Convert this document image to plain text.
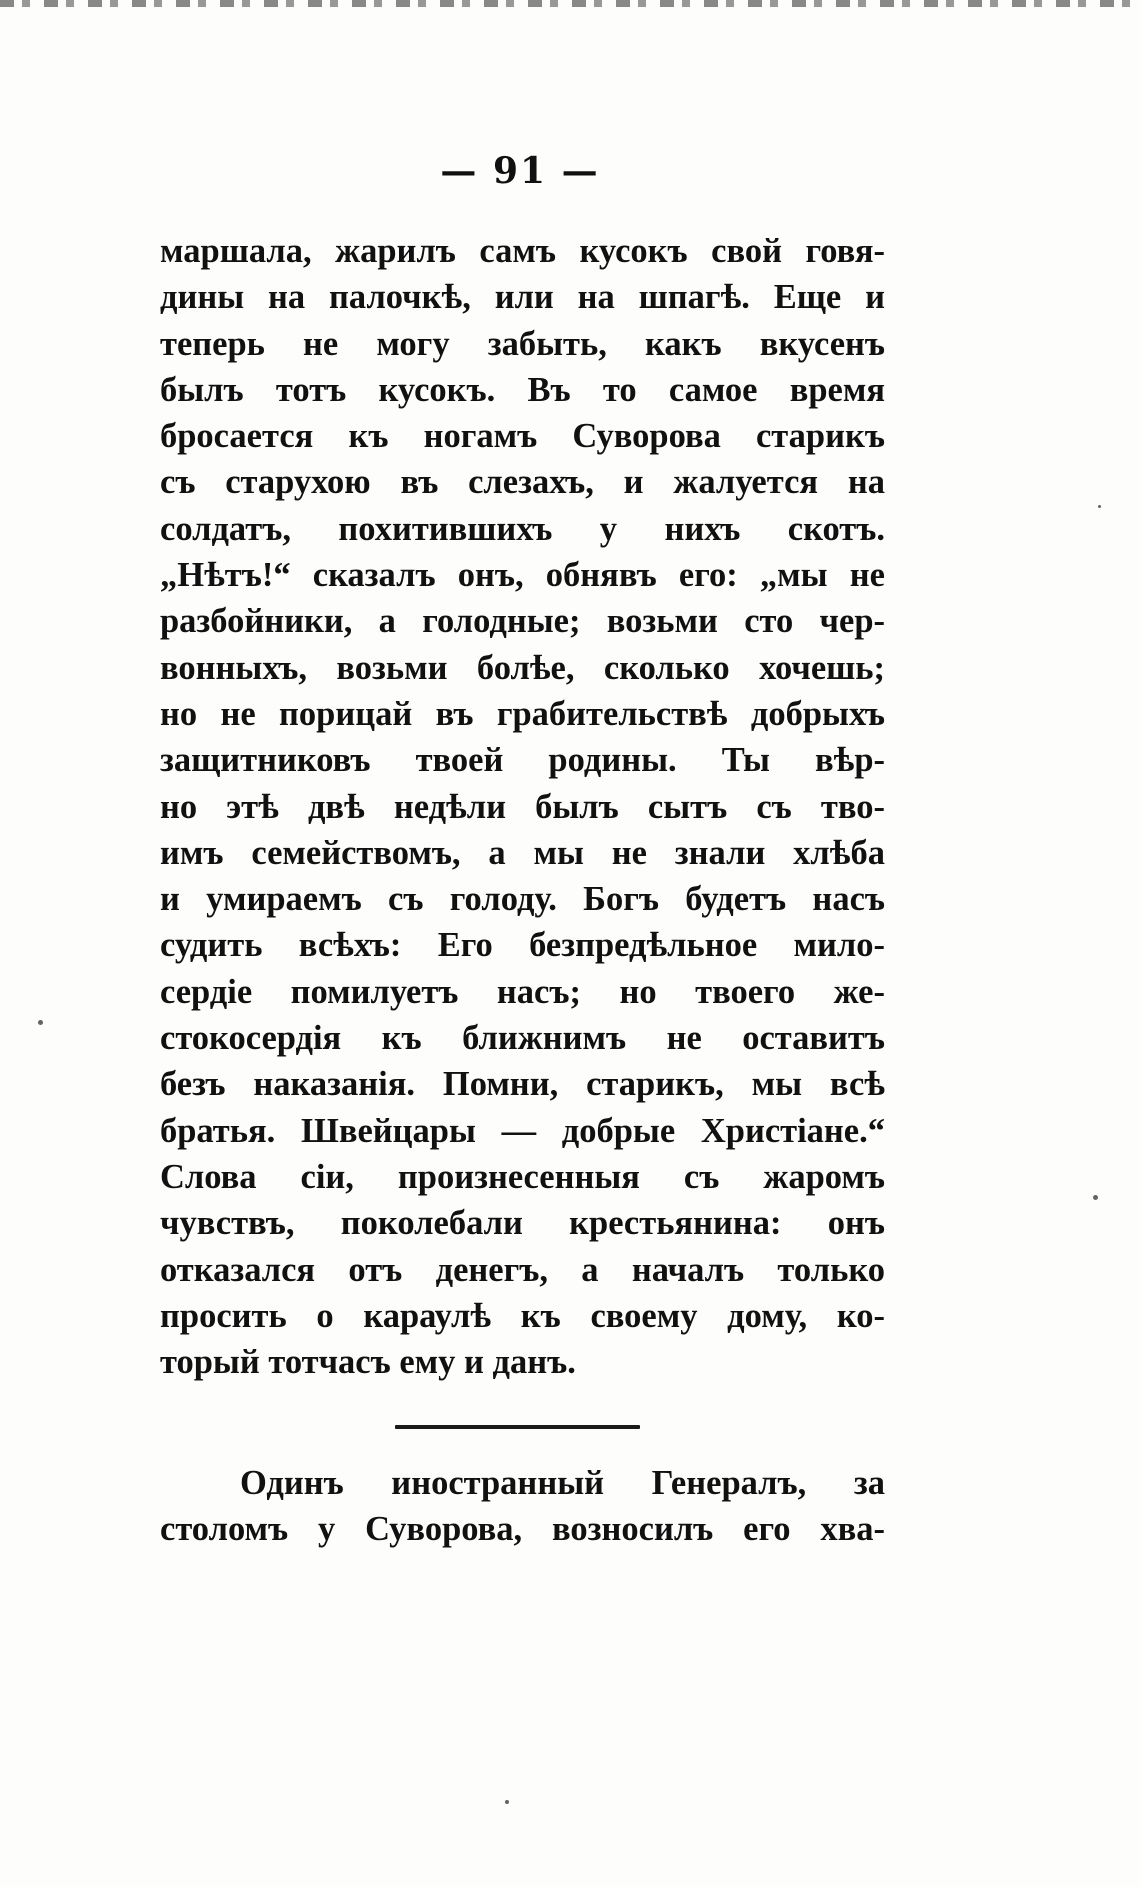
— 91 —
маршала, жарилъ самъ кусокъ свой говя-
дины на палочкѣ, или на шпагѣ. Еще и
теперь не могу забыть, какъ вкусенъ
былъ тотъ кусокъ. Въ то самое время
бросается къ ногамъ Суворова старикъ
съ старухою въ слезахъ, и жалуется на
солдатъ, похитившихъ у нихъ скотъ.
„Нѣтъ!“ сказалъ онъ, обнявъ его: „мы не
разбойники, а голодные; возьми сто чер-
вонныхъ, возьми болѣе, сколько хочешь;
но не порицай въ грабительствѣ добрыхъ
защитниковъ твоей родины. Ты вѣр-
но этѣ двѣ недѣли былъ сытъ съ тво-
имъ семействомъ, а мы не знали хлѣба
и умираемъ съ голоду. Богъ будетъ насъ
судить всѣхъ: Его безпредѣльное мило-
сердіе помилуетъ насъ; но твоего же-
стокосердія къ ближнимъ не оставитъ
безъ наказанія. Помни, старикъ, мы всѣ
братья. Швейцары — добрые Христіане.“
Слова сіи, произнесенныя съ жаромъ
чувствъ, поколебали крестьянина: онъ
отказался отъ денегъ, а началъ только
просить о караулѣ къ своему дому, ко-
торый тотчасъ ему и данъ.
Одинъ иностранный Генералъ, за
столомъ у Суворова, возносилъ его хва-
